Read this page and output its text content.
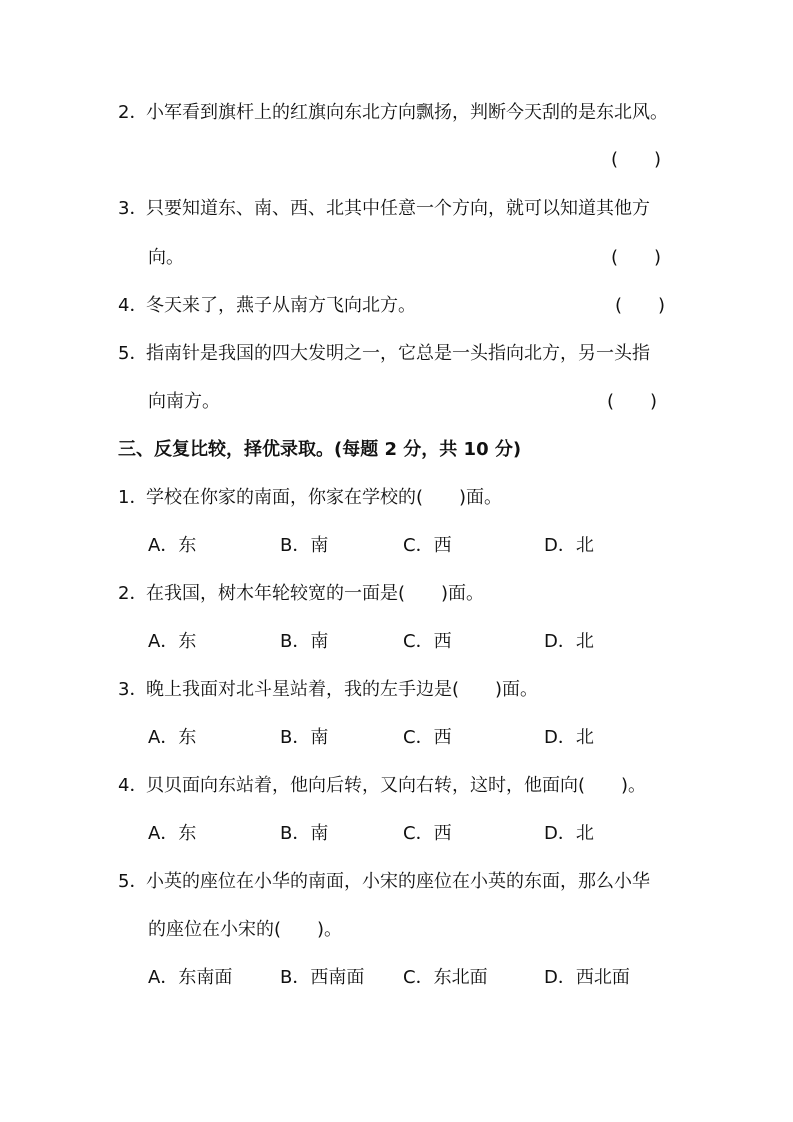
2．
小军看到旗杆上的红旗向东北方向飘扬，判断今天刮的是东北风。
(　　)
3．
只要知道东、南、西、北其中任意一个方向，就可以知道其他方
向。	(　　)
4．
冬天来了，燕子从南方飞向北方。	(　　)
5．
指南针是我国的四大发明之一，它总是一头指向北方，另一头指
向南方。	(　　)
三、反复比较，择优录取。(每题 2 分，共 10 分)
1．
学校在你家的南面，你家在学校的(　　)面。
A．东	B．南	C．西	D．北
2．
在我国，树木年轮较宽的一面是(　　)面。
A．东	B．南	C．西	D．北
3．
晚上我面对北斗星站着，我的左手边是(　　)面。
A．东	B．南	C．西	D．北
4．
贝贝面向东站着，他向后转，又向右转，这时，他面向(　　)。
A．东	B．南	C．西	D．北
5．
小英的座位在小华的南面，小宋的座位在小英的东面，那么小华
的座位在小宋的(　　)。
A．东南面	B．西南面 C．东北面	D．西北面
